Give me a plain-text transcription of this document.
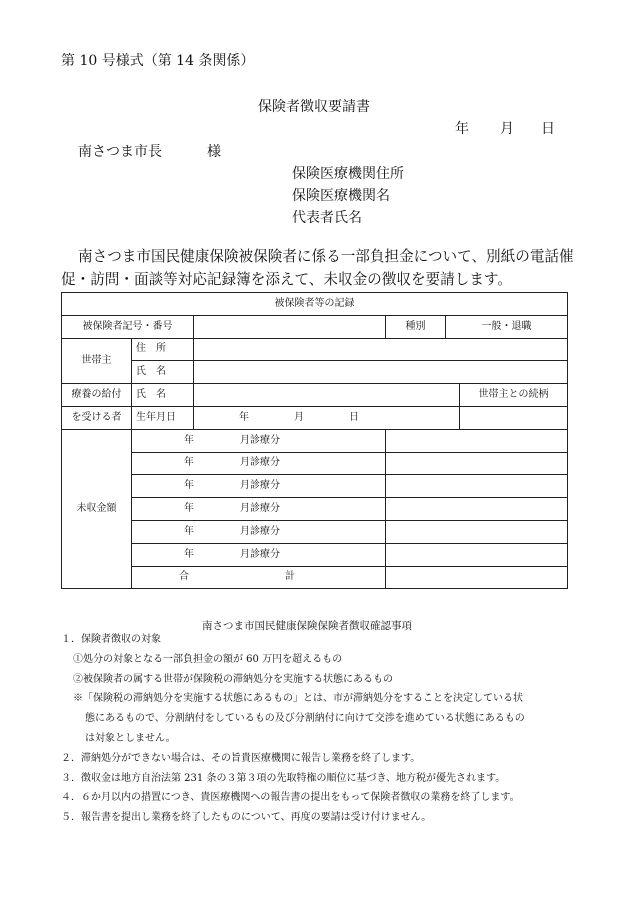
第 10 号様式（第 14 条関係）
保険者徴収要請書
年 月 日
南さつま市長	様
保険医療機関住所
保険医療機関名
代表者氏名
南さつま市国民健康保険被保険者に係る一部負担金について、別紙の電話催
促・訪問・面談等対応記録簿を添えて、未収金の徴収を要請します。
被保険者等の記録					
被保険者記号・番号			種別	一般・退職	
世帯主	住　所				
	氏　名				
療養の給付	氏　名				世帯主との続柄
を受ける者	生年月日	年 月 日			
未収金額	年 月診療分				
	年 月診療分				
	年 月診療分				
	年 月診療分				
	年 月診療分				
	年 月診療分				
	合 計				
南さつま市国民健康保険保険者徴収確認事項
１．保険者徴収の対象
①処分の対象となる一部負担金の額が 60 万円を超えるもの
②被保険者の属する世帯が保険税の滞納処分を実施する状態にあるもの
※「保険税の滞納処分を実施する状態にあるもの」とは、市が滞納処分をすることを決定している状
態にあるもので、分割納付をしているもの及び分割納付に向けて交渉を進めている状態にあるもの
は対象としません。
２．滞納処分ができない場合は、その旨貴医療機関に報告し業務を終了します。
３．徴収金は地方自治法第 231 条の３第３項の先取特権の順位に基づき、地方税が優先されます。
４．６か月以内の措置につき、貴医療機関への報告書の提出をもって保険者徴収の業務を終了します。
５．報告書を提出し業務を終了したものについて、再度の要請は受け付けません。
